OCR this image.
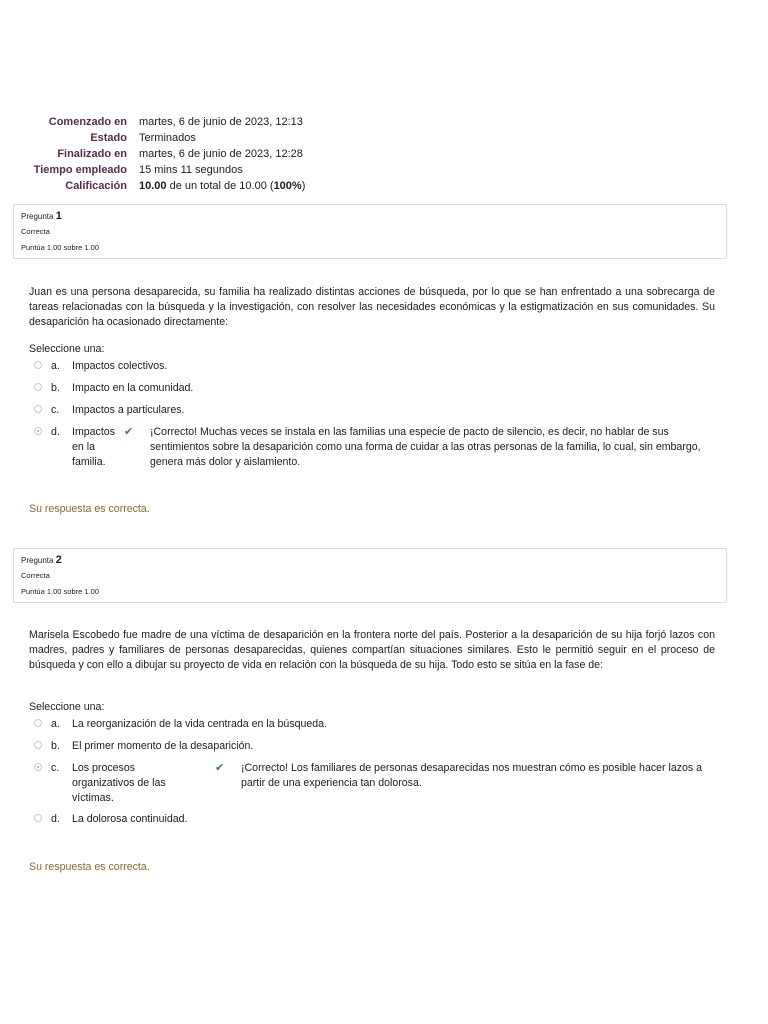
Comenzado en	martes, 6 de junio de 2023, 12:13
Estado	Terminados
Finalizado en	martes, 6 de junio de 2023, 12:28
Tiempo empleado	15 mins 11 segundos
Calificación	10.00 de un total de 10.00 (100%)
Pregunta 1
Correcta
Puntúa 1.00 sobre 1.00
Juan es una persona desaparecida, su familia ha realizado distintas acciones de búsqueda, por lo que se han enfrentado a una sobrecarga de tareas relacionadas con la búsqueda y la investigación, con resolver las necesidades económicas y la estigmatización en sus comunidades. Su desaparición ha ocasionado directamente:
Seleccione una:
a. Impactos colectivos.
b. Impacto en la comunidad.
c. Impactos a particulares.
d. Impactos en la familia.
✔ ¡Correcto! Muchas veces se instala en las familias una especie de pacto de silencio, es decir, no hablar de sus sentimientos sobre la desaparición como una forma de cuidar a las otras personas de la familia, lo cual, sin embargo, genera más dolor y aislamiento.
Su respuesta es correcta.
Pregunta 2
Correcta
Puntúa 1.00 sobre 1.00
Marisela Escobedo fue madre de una víctima de desaparición en la frontera norte del país. Posterior a la desaparición de su hija forjó lazos con madres, padres y familiares de personas desaparecidas, quienes compartían situaciones similares. Esto le permitió seguir en el proceso de búsqueda y con ello a dibujar su proyecto de vida en relación con la búsqueda de su hija. Todo esto se sitúa en la fase de:
Seleccione una:
a. La reorganización de la vida centrada en la búsqueda.
b. El primer momento de la desaparición.
c. Los procesos organizativos de las víctimas.
✔ ¡Correcto! Los familiares de personas desaparecidas nos muestran cómo es posible hacer lazos a partir de una experiencia tan dolorosa.
d. La dolorosa continuidad.
Su respuesta es correcta.
